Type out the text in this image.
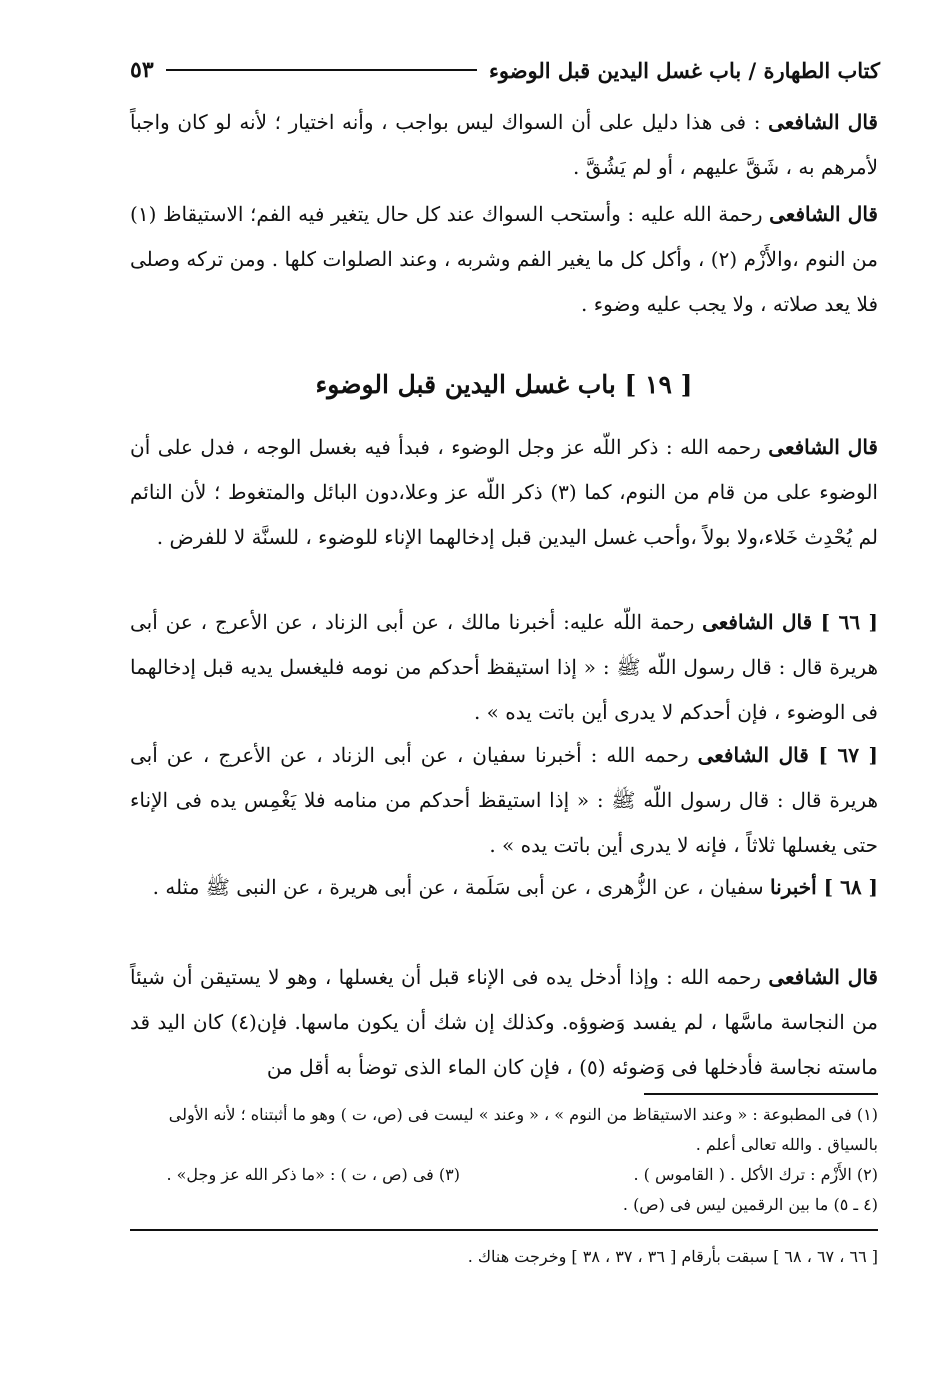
كتاب الطهارة / باب غسل اليدين قبل الوضوء
٥٣
قال الشافعى : فى هذا دليل على أن السواك ليس بواجب ، وأنه اختيار ؛ لأنه لو كان واجباً لأمرهم به ، شَقَّ عليهم ، أو لم يَشُقَّ .
قال الشافعى رحمة الله عليه : وأستحب السواك عند كل حال يتغير فيه الفم؛ الاستيقاظ (١) من النوم ،والأَزْم (٢) ، وأكل كل ما يغير الفم وشربه ، وعند الصلوات كلها . ومن تركه وصلى فلا يعد صلاته ، ولا يجب عليه وضوء .
[ ١٩ ] باب غسل اليدين قبل الوضوء
قال الشافعى رحمه الله : ذكر اللّه عز وجل الوضوء ، فبدأ فيه بغسل الوجه ، فدل على أن الوضوء على من قام من النوم، كما (٣) ذكر اللّه عز وعلا،دون البائل والمتغوط ؛ لأن النائم لم يُحْدِث خَلاء،ولا بولاً ،وأحب غسل اليدين قبل إدخالهما الإناء للوضوء ، للسنَّة لا للفرض .
[ ٦٦ ] قال الشافعى رحمة اللّه عليه: أخبرنا مالك ، عن أبى الزناد ، عن الأعرج ، عن أبى هريرة قال : قال رسول اللّه ﷺ : « إذا استيقظ أحدكم من نومه فليغسل يديه قبل إدخالهما فى الوضوء ، فإن أحدكم لا يدرى أين باتت يده » .
[ ٦٧ ] قال الشافعى رحمه الله : أخبرنا سفيان ، عن أبى الزناد ، عن الأعرج ، عن أبى هريرة قال : قال رسول اللّه ﷺ : « إذا استيقظ أحدكم من منامه فلا يَغْمِس يده فى الإناء حتى يغسلها ثلاثاً ، فإنه لا يدرى أين باتت يده » .
[ ٦٨ ] أخبرنا سفيان ، عن الزُّهرى ، عن أبى سَلَمة ، عن أبى هريرة ، عن النبى ﷺ مثله .
قال الشافعى رحمه الله : وإذا أدخل يده فى الإناء قبل أن يغسلها ، وهو لا يستيقن أن شيئاً من النجاسة ماسَّها ، لم يفسد وَضوؤه. وكذلك إن شك أن يكون ماسها. فإن(٤) كان اليد قد ماسته نجاسة فأدخلها فى وَضوئه (٥) ، فإن كان الماء الذى توضأ به أقل من
(١) فى المطبوعة : « وعند الاستيقاظ من النوم » ، « وعند » ليست فى (ص، ت ) وهو ما أثبتناه ؛ لأنه الأولى بالسياق . والله تعالى أعلم .
(٢) الأَزْم : ترك الأكل . ( القاموس ) .
(٣) فى (ص ، ت ) : «ما ذكر الله عز وجل» .
(٤ ـ ٥) ما بين الرقمين ليس فى (ص) .
[ ٦٦ ، ٦٧ ، ٦٨ ] سبقت بأرقام [ ٣٦ ، ٣٧ ، ٣٨ ] وخرجت هناك .
